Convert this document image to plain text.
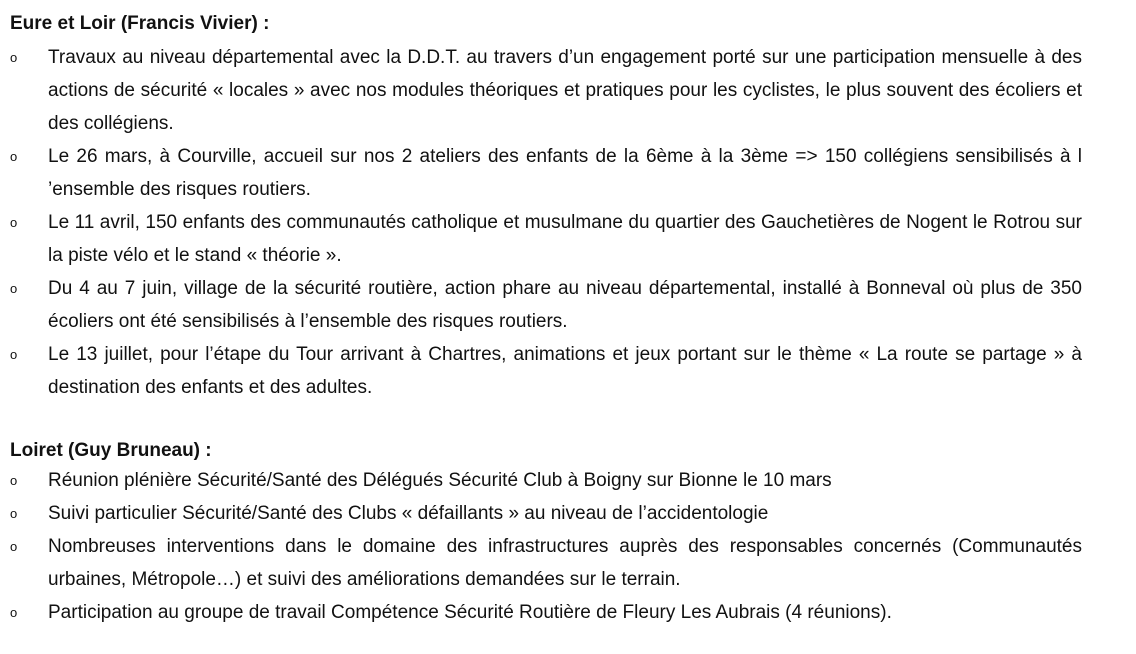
Eure et Loir (Francis Vivier) :
o	Travaux au niveau départemental avec la D.D.T. au travers d’un engagement porté sur une participation mensuelle à des actions de sécurité « locales » avec nos modules théoriques et pratiques pour les cyclistes, le plus souvent des écoliers et des collégiens.
o	Le 26 mars, à Courville, accueil sur nos 2 ateliers des enfants de la 6ème à la 3ème => 150 collégiens sensibilisés à l ’ensemble des risques routiers.
o	Le 11 avril, 150 enfants des communautés catholique et musulmane du quartier des Gauchetières de Nogent le Rotrou sur la piste vélo et le stand « théorie ».
o	Du 4 au 7 juin, village de la sécurité routière, action phare au niveau départemental, installé à Bonneval où plus de 350 écoliers ont été sensibilisés à l’ensemble des risques routiers.
o	Le 13 juillet, pour l’étape du Tour arrivant à Chartres, animations et jeux portant sur le thème « La route se partage » à destination des enfants et des adultes.
Loiret (Guy Bruneau) :
o	Réunion plénière Sécurité/Santé des Délégués Sécurité Club à Boigny sur Bionne le 10 mars
o	Suivi particulier Sécurité/Santé des Clubs « défaillants » au niveau de l’accidentologie
o	Nombreuses interventions dans le domaine des infrastructures auprès des responsables concernés (Communautés urbaines, Métropole…) et suivi des améliorations demandées sur le terrain.
o	Participation au groupe de travail Compétence Sécurité Routière de Fleury Les Aubrais (4 réunions).
